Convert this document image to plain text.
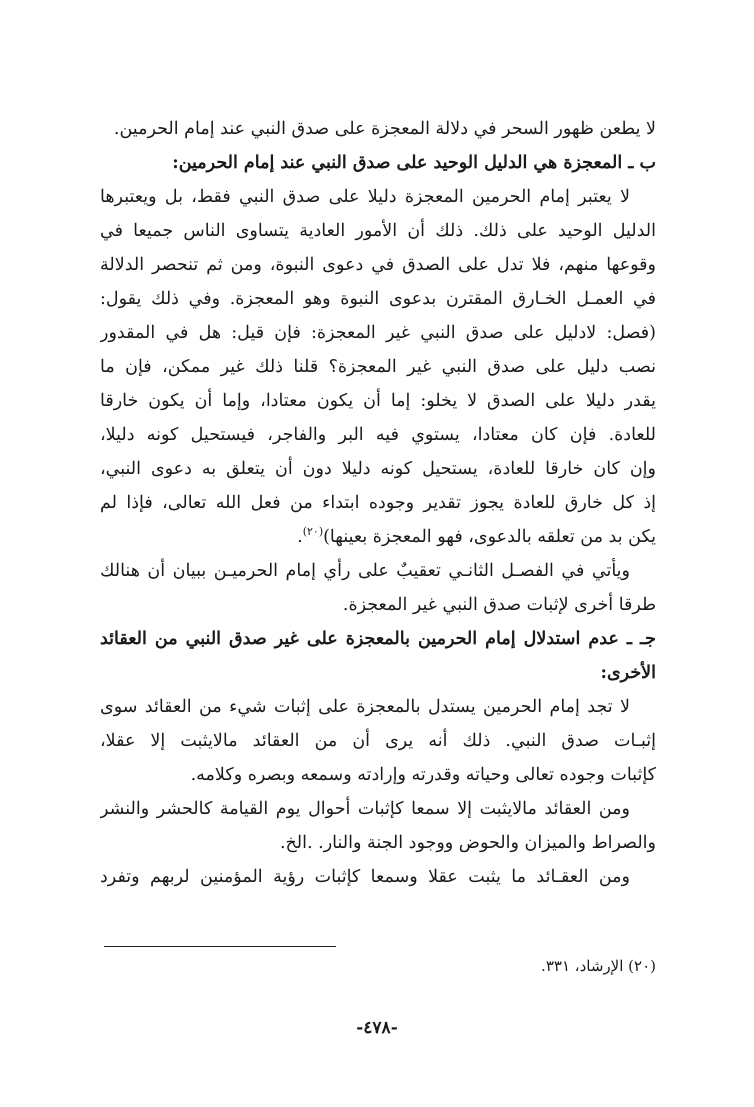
لا يطعن ظهور السحر في دلالة المعجزة على صدق النبي عند إمام الحرمين.
ب ـ المعجزة هي الدليل الوحيد على صدق النبي عند إمام الحرمين:
لا يعتبر إمام الحرمين المعجزة دليلا على صدق النبي فقط، بل ويعتبرها
الدليل الوحيد على ذلك. ذلك أن الأمور العادية يتساوى الناس جميعا في
وقوعها منهم، فلا تدل على الصدق في دعوى النبوة، ومن ثم تنحصر الدلالة
في العمـل الخـارق المقترن بدعوى النبوة وهو المعجزة. وفي ذلك يقول:
(فصل: لادليل على صدق النبي غير المعجزة: فإن قيل: هل في المقدور
نصب دليل على صدق النبي غير المعجزة؟ قلنا ذلك غير ممكن، فإن ما
يقدر دليلا على الصدق لا يخلو: إما أن يكون معتادا، وإما أن يكون خارقا
للعادة. فإن كان معتادا، يستوي فيه البر والفاجر، فيستحيل كونه دليلا،
وإن كان خارقا للعادة، يستحيل كونه دليلا دون أن يتعلق به دعوى النبي،
إذ كل خارق للعادة يجوز تقدير وجوده ابتداء من فعل الله تعالى، فإذا لم
يكن بد من تعلقه بالدعوى، فهو المعجزة بعينها)$^{(٢٠)}$.
ويأتي في الفصـل الثانـي تعقيبٌ على رأي إمام الحرميـن ببيان أن هنالك
طرقا أخرى لإثبات صدق النبي غير المعجزة.
جـ ـ عدم استدلال إمام الحرمين بالمعجزة على غير صدق النبي من العقائد
الأخرى:
لا تجد إمام الحرمين يستدل بالمعجزة على إثبات شيء من العقائد سوى
إثبـات صدق النبي. ذلك أنه يرى أن من العقائد مالايثبت إلا عقلا،
كإثبات وجوده تعالى وحياته وقدرته وإرادته وسمعه وبصره وكلامه.
ومن العقائد مالايثبت إلا سمعا كإثبات أحوال يوم القيامة كالحشر والنشر
والصراط والميزان والحوض ووجود الجنة والنار. .الخ.
ومن العقـائد ما يثبت عقلا وسمعا كإثبات رؤية المؤمنين لربهم وتفرد
(٢٠) الإرشاد، ٣٣١.
-٤٧٨-
